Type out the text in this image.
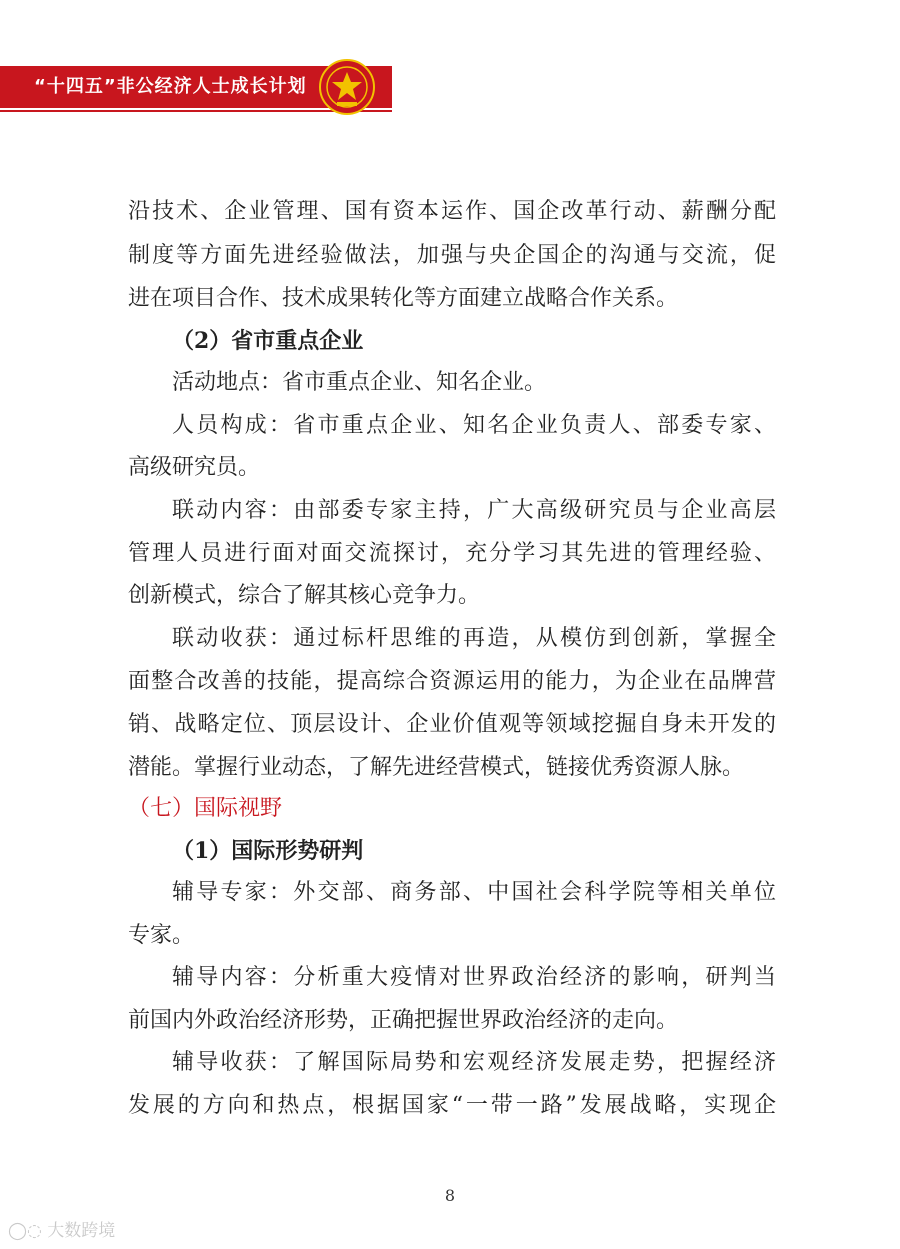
“十四五”非公经济人士成长计划
沿技术、企业管理、国有资本运作、国企改革行动、薪酬分配
制度等方面先进经验做法，加强与央企国企的沟通与交流，促
进在项目合作、技术成果转化等方面建立战略合作关系。
（2）省市重点企业
活动地点：省市重点企业、知名企业。
人员构成：省市重点企业、知名企业负责人、部委专家、
高级研究员。
联动内容：由部委专家主持，广大高级研究员与企业高层
管理人员进行面对面交流探讨，充分学习其先进的管理经验、
创新模式，综合了解其核心竞争力。
联动收获：通过标杆思维的再造，从模仿到创新，掌握全
面整合改善的技能，提高综合资源运用的能力，为企业在品牌营
销、战略定位、顶层设计、企业价值观等领域挖掘自身未开发的
潜能。掌握行业动态，了解先进经营模式，链接优秀资源人脉。
（七）国际视野
（1）国际形势研判
辅导专家：外交部、商务部、中国社会科学院等相关单位
专家。
辅导内容：分析重大疫情对世界政治经济的影响，研判当
前国内外政治经济形势，正确把握世界政治经济的走向。
辅导收获：了解国际局势和宏观经济发展走势，把握经济
发展的方向和热点，根据国家“一带一路”发展战略，实现企
8
◯◌ 大数跨境
